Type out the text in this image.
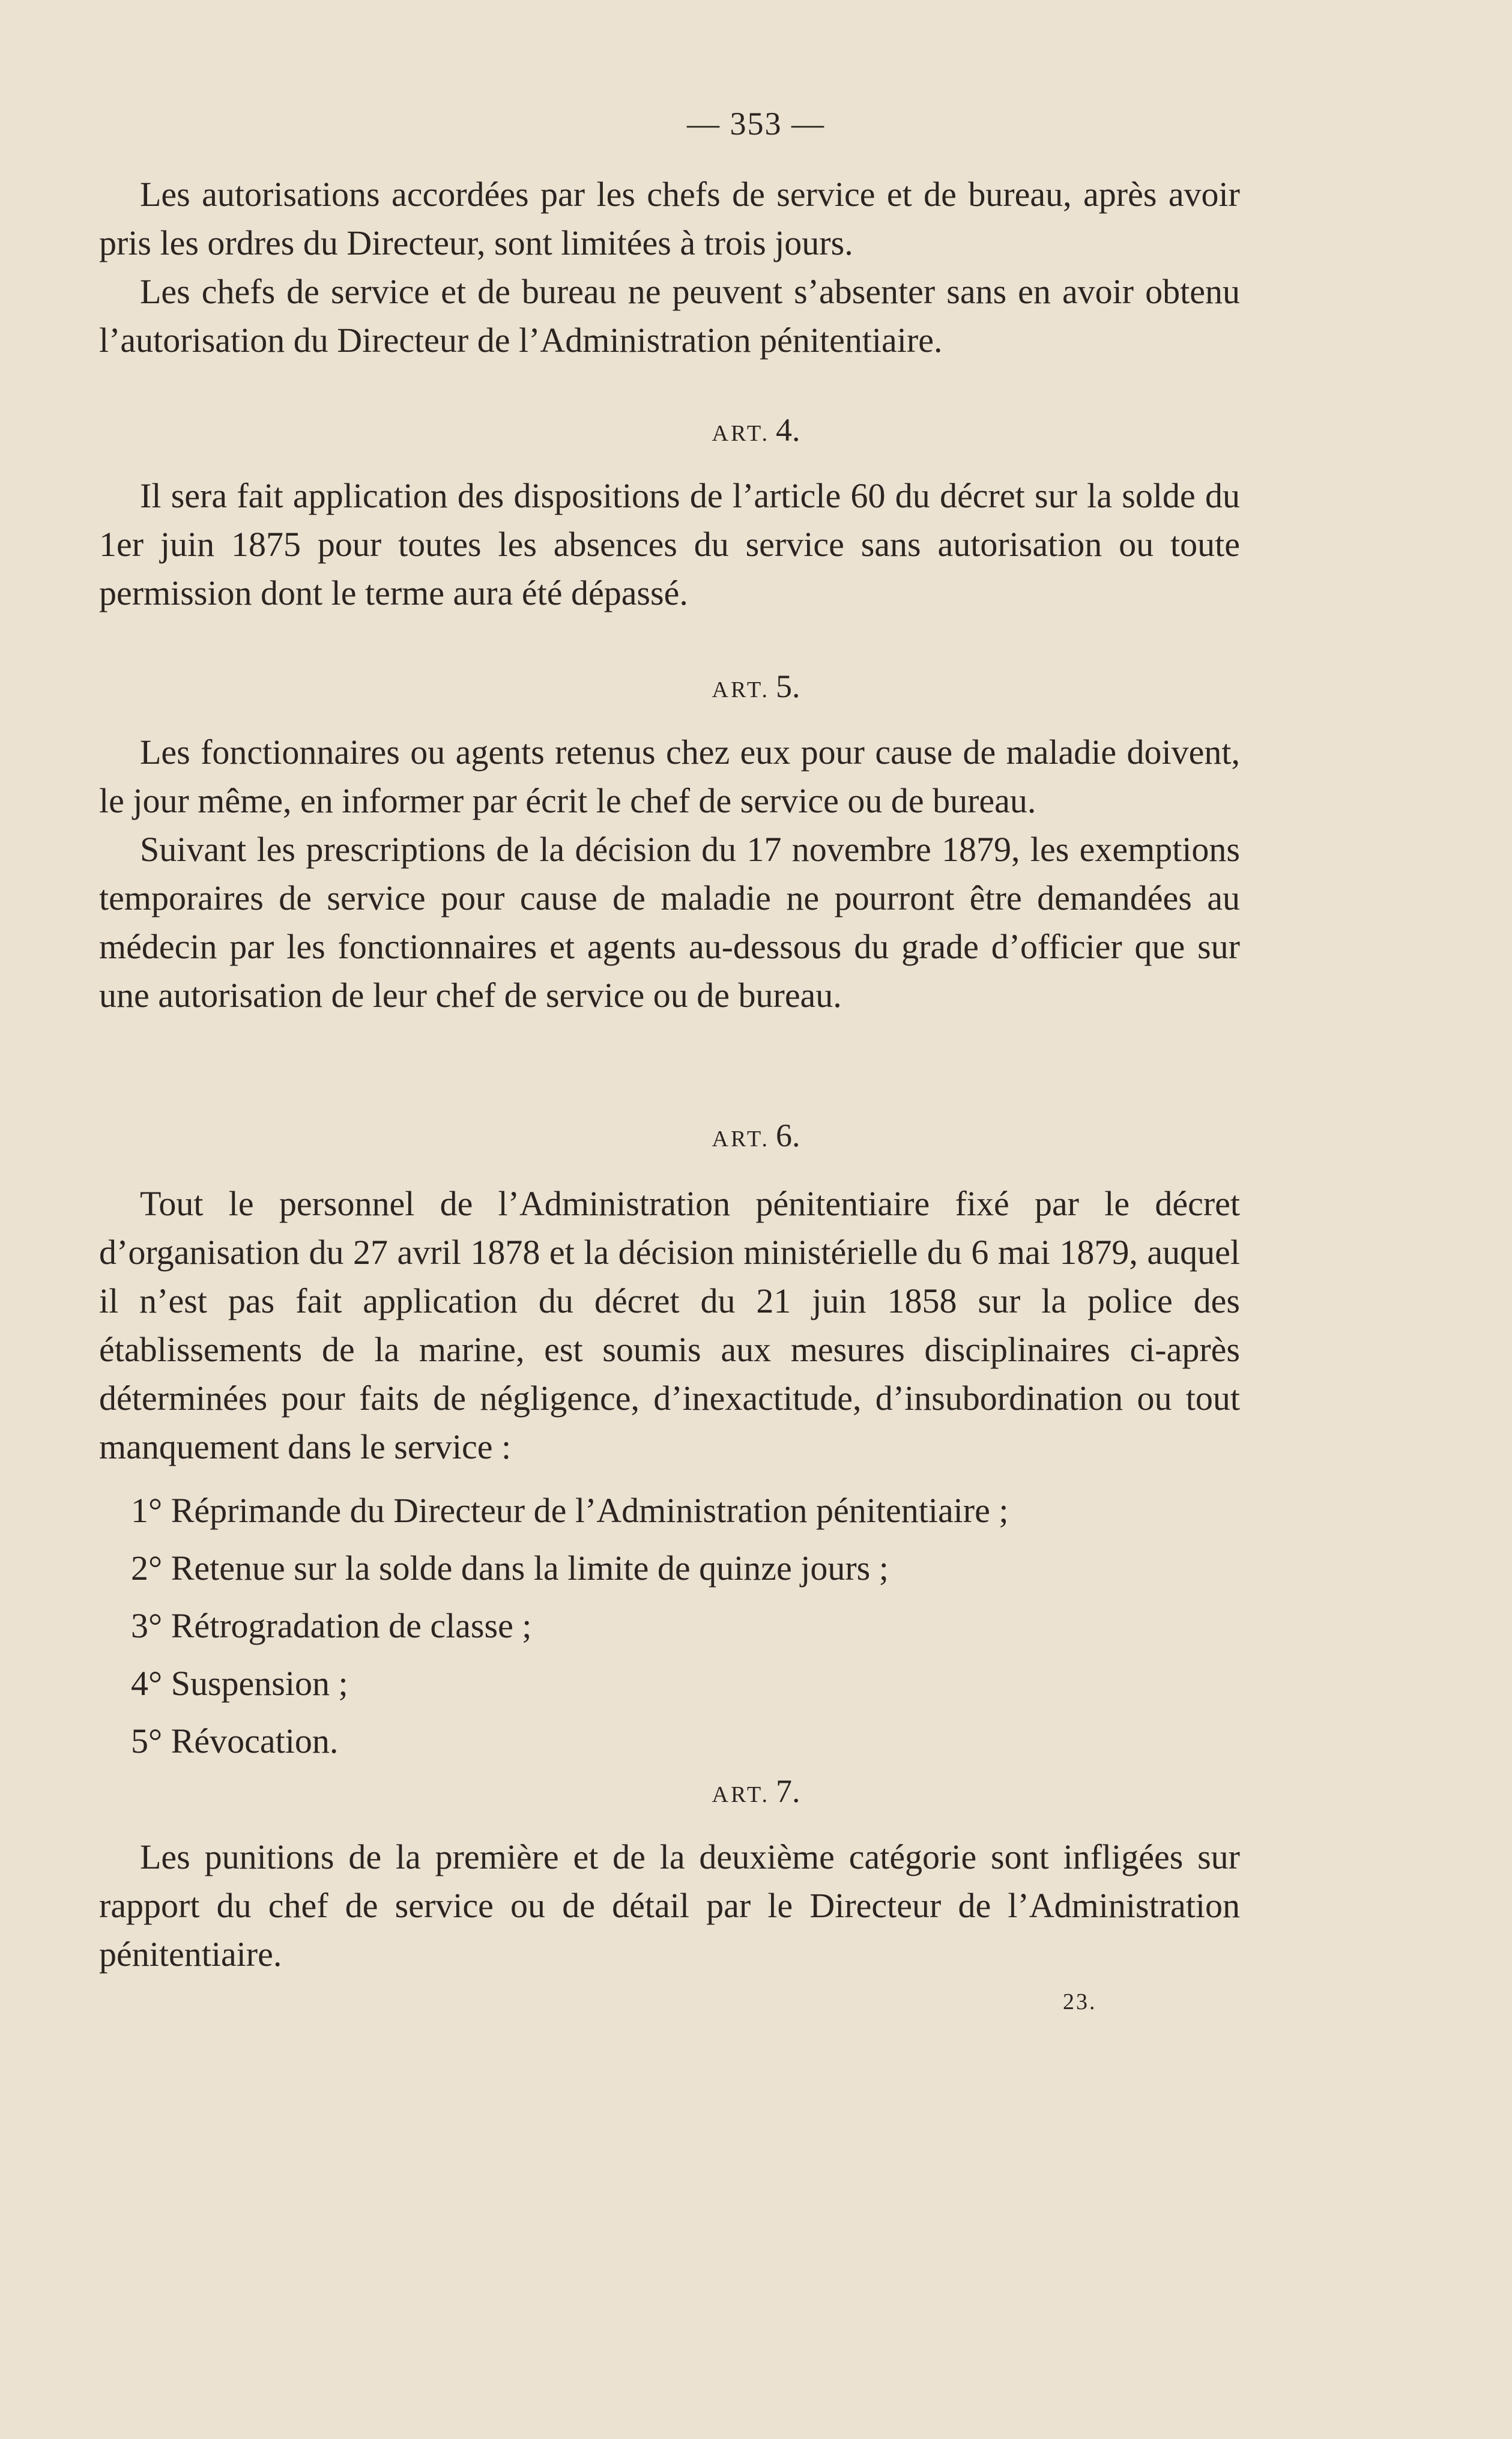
— 353 —

Les autorisations accordées par les chefs de service et de bureau, après avoir pris les ordres du Directeur, sont limitées à trois jours.

Les chefs de service et de bureau ne peuvent s’absenter sans en avoir obtenu l’autorisation du Directeur de l’Administration pénitentiaire.

ART. 4.

Il sera fait application des dispositions de l’article 60 du décret sur la solde du 1er juin 1875 pour toutes les absences du service sans autorisation ou toute permission dont le terme aura été dépassé.

ART. 5.

Les fonctionnaires ou agents retenus chez eux pour cause de maladie doivent, le jour même, en informer par écrit le chef de service ou de bureau.

Suivant les prescriptions de la décision du 17 novembre 1879, les exemptions temporaires de service pour cause de maladie ne pourront être demandées au médecin par les fonctionnaires et agents au-dessous du grade d’officier que sur une autorisation de leur chef de service ou de bureau.

ART. 6.

Tout le personnel de l’Administration pénitentiaire fixé par le décret d’organisation du 27 avril 1878 et la décision ministérielle du 6 mai 1879, auquel il n’est pas fait application du décret du 21 juin 1858 sur la police des établissements de la marine, est soumis aux mesures disciplinaires ci-après déterminées pour faits de négligence, d’inexactitude, d’insubordination ou tout manquement dans le service :

1° Réprimande du Directeur de l’Administration pénitentiaire ;
2° Retenue sur la solde dans la limite de quinze jours ;
3° Rétrogradation de classe ;
4° Suspension ;
5° Révocation.
ART. 7.

Les punitions de la première et de la deuxième catégorie sont infligées sur rapport du chef de service ou de détail par le Directeur de l’Administration pénitentiaire.

23.
